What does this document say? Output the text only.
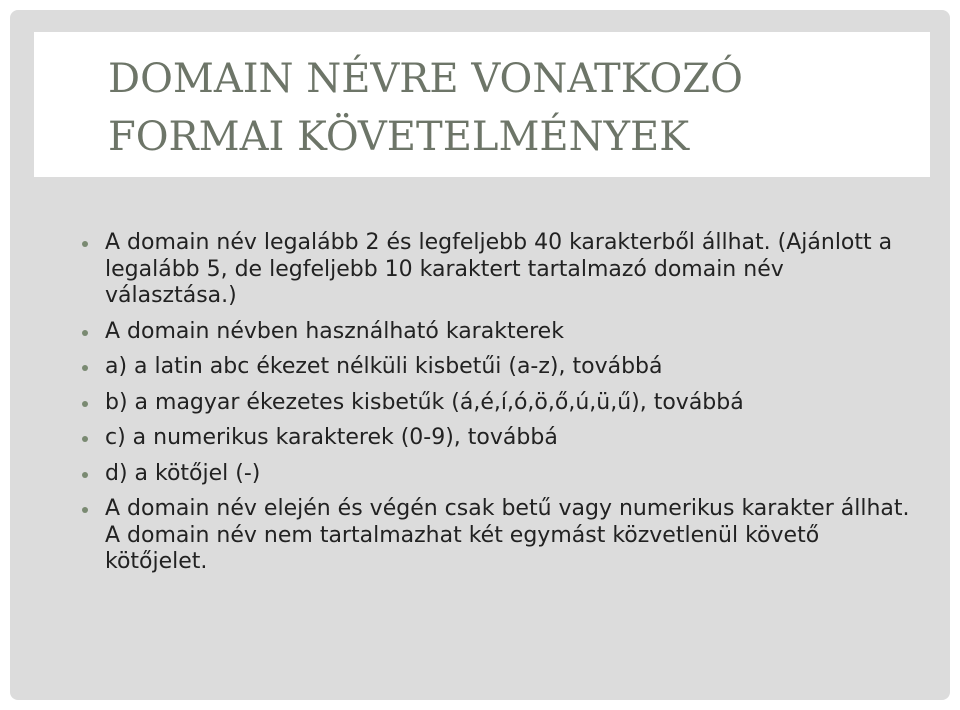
DOMAIN NÉVRE VONATKOZÓ
FORMAI KÖVETELMÉNYEK
A domain név legalább 2 és legfeljebb 40 karakterből állhat. (Ajánlott a legalább 5, de legfeljebb 10 karaktert tartalmazó domain név választása.)
A domain névben használható karakterek
a) a latin abc ékezet nélküli kisbetűi (a-z), továbbá
b) a magyar ékezetes kisbetűk (á,é,í,ó,ö,ő,ú,ü,ű), továbbá
c) a numerikus karakterek (0-9), továbbá
d) a kötőjel (-)
A domain név elején és végén csak betű vagy numerikus karakter állhat. A domain név nem tartalmazhat két egymást közvetlenül követő kötőjelet.
